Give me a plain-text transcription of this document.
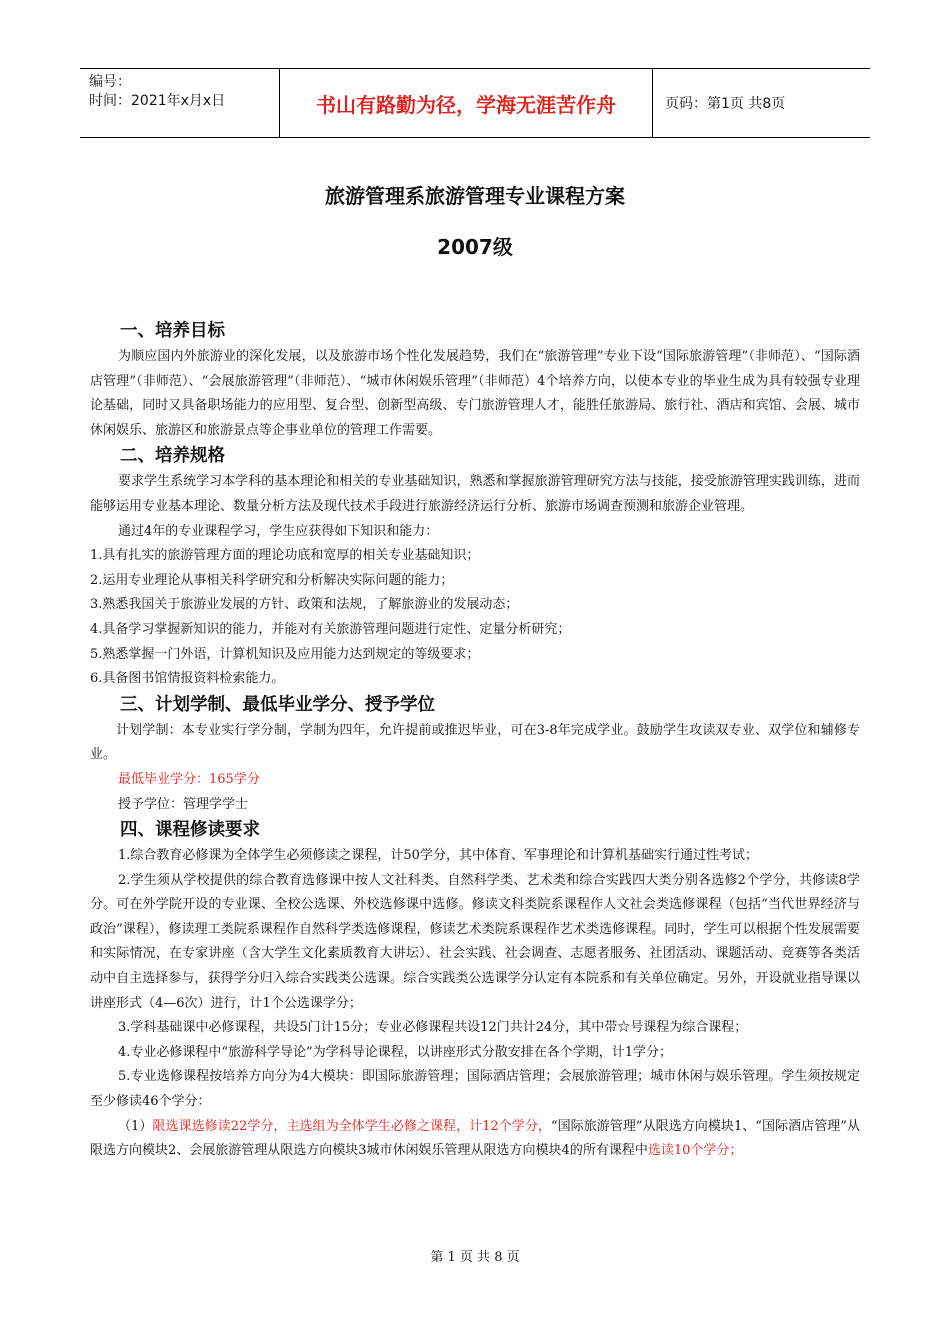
编号：
时间：2021年x月x日	书山有路勤为径，学海无涯苦作舟	页码：第1页 共8页
旅游管理系旅游管理专业课程方案
2007级

一、培养目标

为顺应国内外旅游业的深化发展，以及旅游市场个性化发展趋势，我们在“旅游管理”专业下设“国际旅游管理”（非师范）、“国际酒店管理”（非师范）、“会展旅游管理”（非师范）、“城市休闲娱乐管理”（非师范）4个培养方向，以使本专业的毕业生成为具有较强专业理论基础，同时又具备职场能力的应用型、复合型、创新型高级、专门旅游管理人才，能胜任旅游局、旅行社、酒店和宾馆、会展、城市休闲娱乐、旅游区和旅游景点等企事业单位的管理工作需要。

二、培养规格

要求学生系统学习本学科的基本理论和相关的专业基础知识，熟悉和掌握旅游管理研究方法与技能，接受旅游管理实践训练，进而能够运用专业基本理论、数量分析方法及现代技术手段进行旅游经济运行分析、旅游市场调查预测和旅游企业管理。

通过4年的专业课程学习，学生应获得如下知识和能力：

1.具有扎实的旅游管理方面的理论功底和宽厚的相关专业基础知识；

2.运用专业理论从事相关科学研究和分析解决实际问题的能力；

3.熟悉我国关于旅游业发展的方针、政策和法规，了解旅游业的发展动态；

4.具备学习掌握新知识的能力，并能对有关旅游管理问题进行定性、定量分析研究；

5.熟悉掌握一门外语，计算机知识及应用能力达到规定的等级要求；

6.具备图书馆情报资料检索能力。

三、计划学制、最低毕业学分、授予学位

计划学制：本专业实行学分制，学制为四年，允许提前或推迟毕业，可在3-8年完成学业。鼓励学生攻读双专业、双学位和辅修专业。

最低毕业学分：165学分

授予学位：管理学学士

四、课程修读要求

1.综合教育必修课为全体学生必须修读之课程，计50学分，其中体育、军事理论和计算机基础实行通过性考试；

2.学生须从学校提供的综合教育选修课中按人文社科类、自然科学类、艺术类和综合实践四大类分别各选修2个学分，共修读8学分。可在外学院开设的专业课、全校公选课、外校选修课中选修。修读文科类院系课程作人文社会类选修课程（包括“当代世界经济与政治”课程），修读理工类院系课程作自然科学类选修课程，修读艺术类院系课程作艺术类选修课程。同时，学生可以根据个性发展需要和实际情况，在专家讲座（含大学生文化素质教育大讲坛）、社会实践、社会调查、志愿者服务、社团活动、课题活动、竞赛等各类活动中自主选择参与，获得学分归入综合实践类公选课。综合实践类公选课学分认定有本院系和有关单位确定。另外，开设就业指导课以讲座形式（4—6次）进行，计1个公选课学分；

3.学科基础课中必修课程，共设5门计15分；专业必修课程共设12门共计24分，其中带☆号课程为综合课程；

4.专业必修课程中“旅游科学导论”为学科导论课程，以讲座形式分散安排在各个学期，计1学分；

5.专业选修课程按培养方向分为4大模块：即国际旅游管理；国际酒店管理；会展旅游管理；城市休闲与娱乐管理。学生须按规定至少修读46个学分：

（1）限选课选修读22学分，主选组为全体学生必修之课程，计12个学分，“国际旅游管理”从限选方向模块1、“国际酒店管理”从限选方向模块2、会展旅游管理从限选方向模块3城市休闲娱乐管理从限选方向模块4的所有课程中选读10个学分；

第 1 页 共 8 页
